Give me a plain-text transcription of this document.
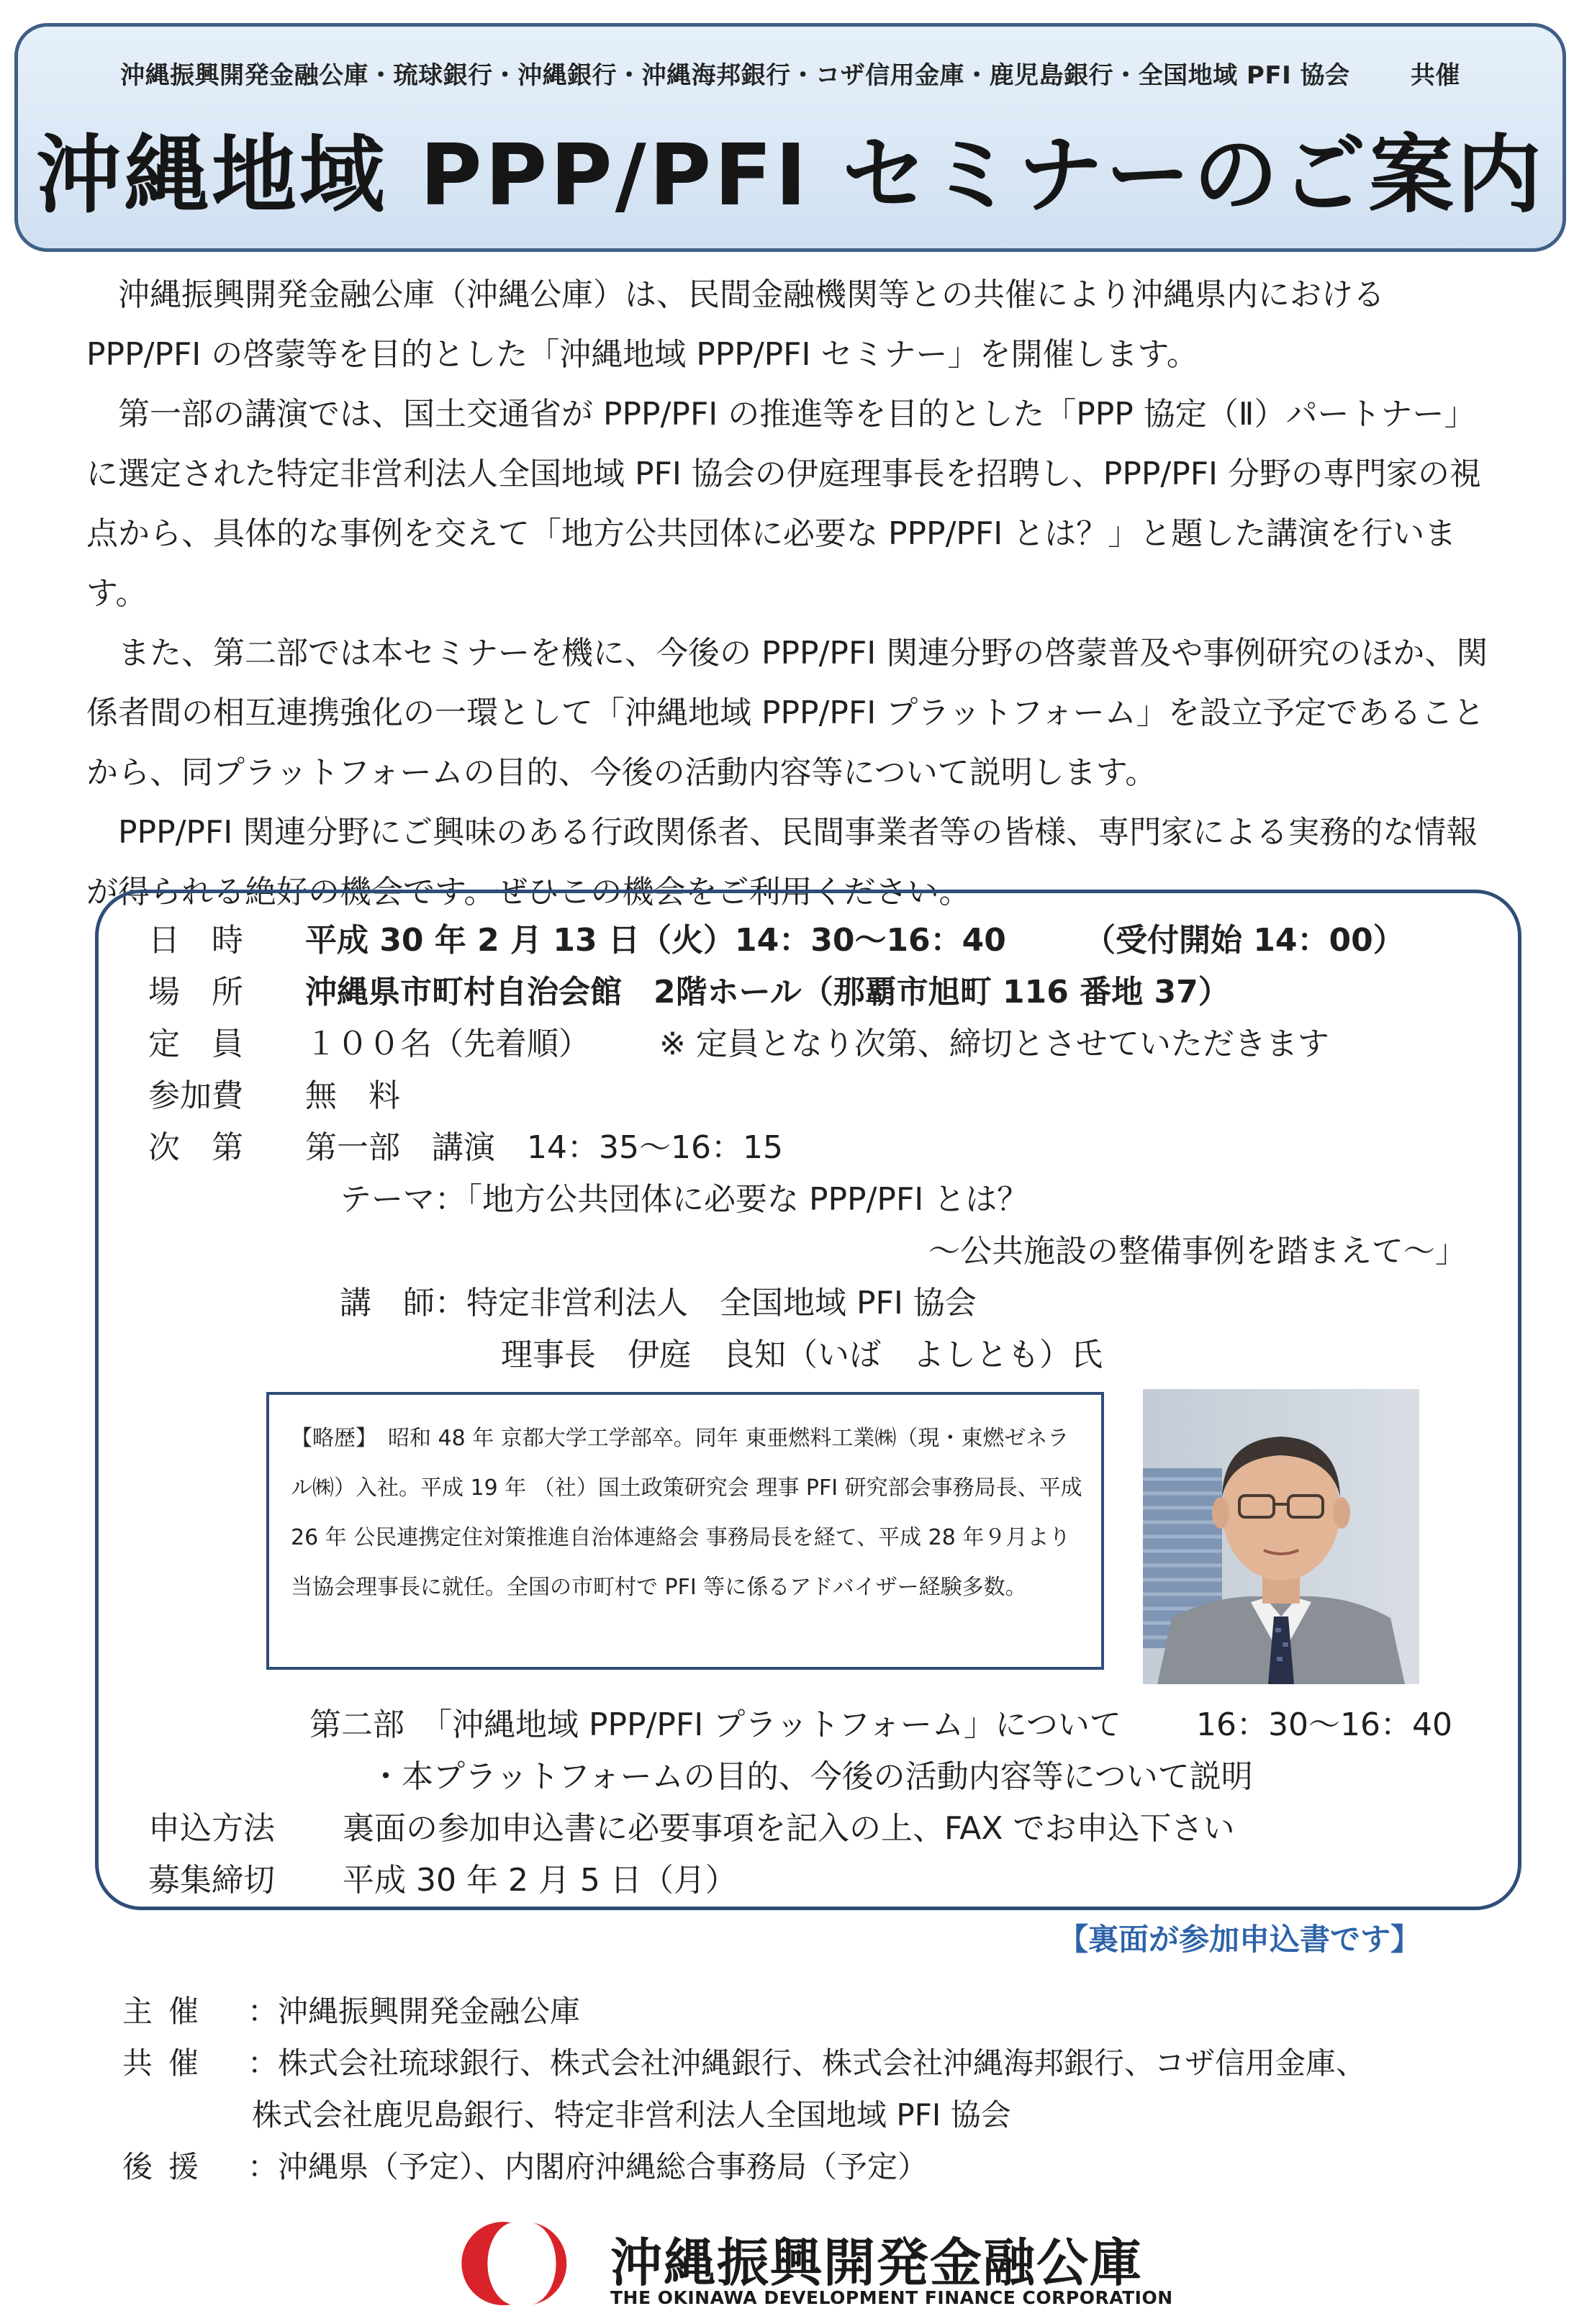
沖縄振興開発金融公庫・琉球銀行・沖縄銀行・沖縄海邦銀行・コザ信用金庫・鹿児島銀行・全国地域 PFI 協会 共催
沖縄地域 PPP/PFI セミナーのご案内

沖縄振興開発金融公庫（沖縄公庫）は、民間金融機関等との共催により沖縄県内における PPP/PFI の啓蒙等を目的とした「沖縄地域 PPP/PFI セミナー」を開催します。

第一部の講演では、国土交通省が PPP/PFI の推進等を目的とした「PPP 協定（Ⅱ）パートナー」に選定された特定非営利法人全国地域 PFI 協会の伊庭理事長を招聘し、PPP/PFI 分野の専門家の視点から、具体的な事例を交えて「地方公共団体に必要な PPP/PFI とは？」と題した講演を行います。

また、第二部では本セミナーを機に、今後の PPP/PFI 関連分野の啓蒙普及や事例研究のほか、関係者間の相互連携強化の一環として「沖縄地域 PPP/PFI プラットフォーム」を設立予定であることから、同プラットフォームの目的、今後の活動内容等について説明します。

PPP/PFI 関連分野にご興味のある行政関係者、民間事業者等の皆様、専門家による実務的な情報が得られる絶好の機会です。ぜひこの機会をご利用ください。

日　時 平成 30 年 2 月 13 日（火）14：30～16：40 （受付開始 14：00）
場　所 沖縄県市町村自治会館　2階ホール（那覇市旭町 116 番地 37）
定　員 １００名（先着順） ※ 定員となり次第、締切とさせていただきます
参加費 無　料
次　第 第一部　講演　14：35～16：15
テーマ：「地方公共団体に必要な PPP/PFI とは？
～公共施設の整備事例を踏まえて～」
講　師：特定非営利法人　全国地域 PFI 協会
理事長　伊庭　良知（いば　よしとも）氏

【略歴】　昭和 48 年 京都大学工学部卒。同年 東亜燃料工業㈱（現・東燃ゼネラル㈱）入社。平成 19 年 （社）国土政策研究会 理事 PFI 研究部会事務局長、平成 26 年 公民連携定住対策推進自治体連絡会 事務局長を経て、平成 28 年９月より当協会理事長に就任。全国の市町村で PFI 等に係るアドバイザー経験多数。

第二部　「沖縄地域 PPP/PFI プラットフォーム」について 16：30～16：40
・本プラットフォームの目的、今後の活動内容等について説明
申込方法 裏面の参加申込書に必要事項を記入の上、FAX でお申込下さい
募集締切 平成 30 年 2 月 5 日（月）
【裏面が参加申込書です】
主催 ：沖縄振興開発金融公庫
共催 ：株式会社琉球銀行、株式会社沖縄銀行、株式会社沖縄海邦銀行、コザ信用金庫、
株式会社鹿児島銀行、特定非営利法人全国地域 PFI 協会
後援 ：沖縄県（予定）、内閣府沖縄総合事務局（予定）
沖縄振興開発金融公庫
THE OKINAWA DEVELOPMENT FINANCE CORPORATION
